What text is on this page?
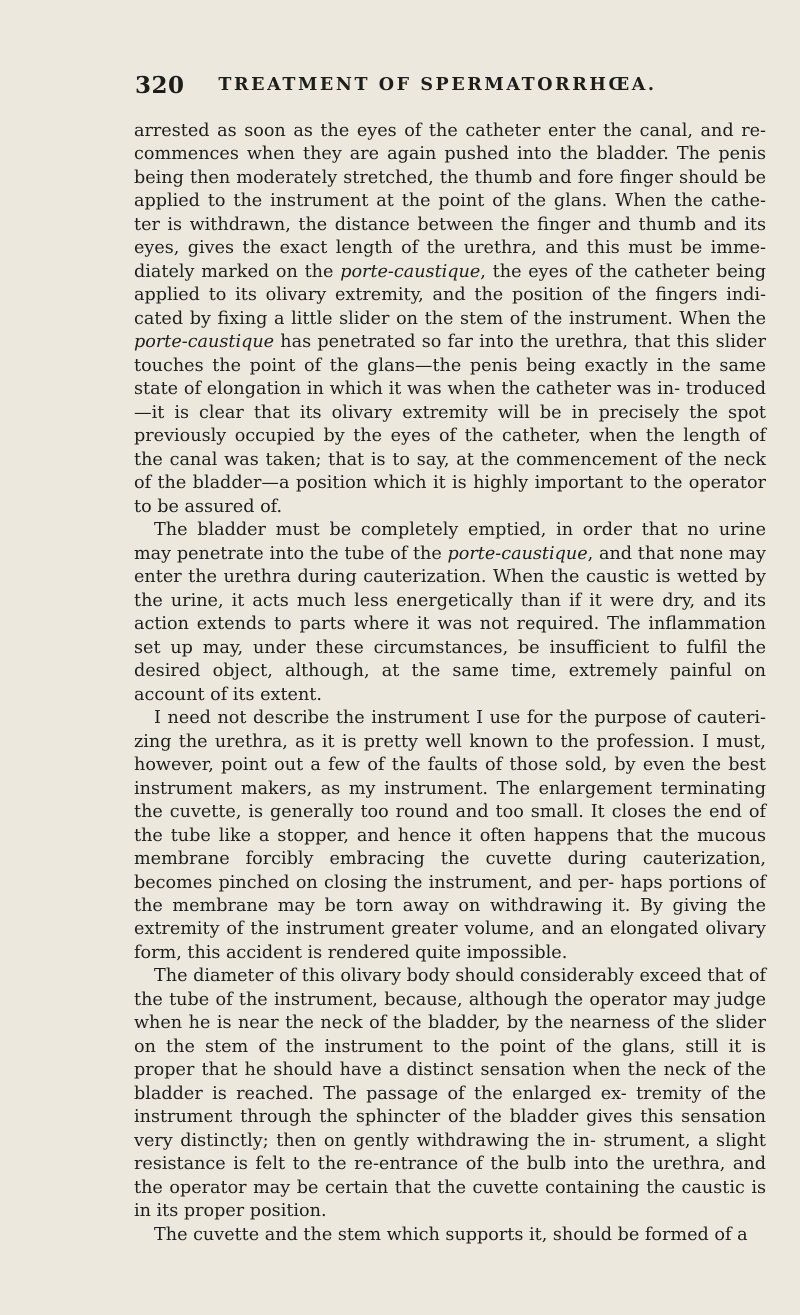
320	TREATMENT OF SPERMATORRHŒA.

arrested as soon as the eyes of the catheter enter the canal, and re- commences when they are again pushed into the bladder. The penis being then moderately stretched, the thumb and fore finger should be applied to the instrument at the point of the glans. When the cathe- ter is withdrawn, the distance between the finger and thumb and its eyes, gives the exact length of the urethra, and this must be imme- diately marked on the porte-caustique, the eyes of the catheter being applied to its olivary extremity, and the position of the fingers indi- cated by fixing a little slider on the stem of the instrument. When the porte-caustique has penetrated so far into the urethra, that this slider touches the point of the glans—the penis being exactly in the same state of elongation in which it was when the catheter was in- troduced—it is clear that its olivary extremity will be in precisely the spot previously occupied by the eyes of the catheter, when the length of the canal was taken; that is to say, at the commencement of the neck of the bladder—a position which it is highly important to the operator to be assured of.

The bladder must be completely emptied, in order that no urine may penetrate into the tube of the porte-caustique, and that none may enter the urethra during cauterization. When the caustic is wetted by the urine, it acts much less energetically than if it were dry, and its action extends to parts where it was not required. The inflammation set up may, under these circumstances, be insufficient to fulfil the desired object, although, at the same time, extremely painful on account of its extent.

I need not describe the instrument I use for the purpose of cauteri- zing the urethra, as it is pretty well known to the profession. I must, however, point out a few of the faults of those sold, by even the best instrument makers, as my instrument. The enlargement terminating the cuvette, is generally too round and too small. It closes the end of the tube like a stopper, and hence it often happens that the mucous membrane forcibly embracing the cuvette during cauterization, becomes pinched on closing the instrument, and per- haps portions of the membrane may be torn away on withdrawing it. By giving the extremity of the instrument greater volume, and an elongated olivary form, this accident is rendered quite impossible.

The diameter of this olivary body should considerably exceed that of the tube of the instrument, because, although the operator may judge when he is near the neck of the bladder, by the nearness of the slider on the stem of the instrument to the point of the glans, still it is proper that he should have a distinct sensation when the neck of the bladder is reached. The passage of the enlarged ex- tremity of the instrument through the sphincter of the bladder gives this sensation very distinctly; then on gently withdrawing the in- strument, a slight resistance is felt to the re-entrance of the bulb into the urethra, and the operator may be certain that the cuvette containing the caustic is in its proper position.

The cuvette and the stem which supports it, should be formed of a
